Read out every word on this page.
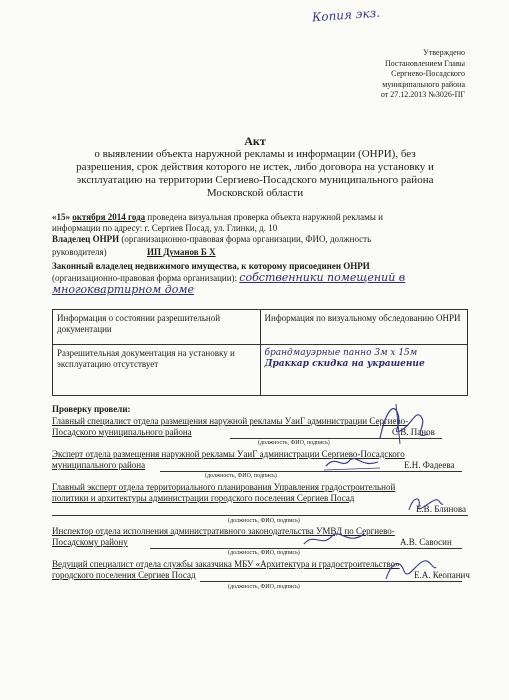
Копия экз.
Утверждено
Постановлением Главы
Сергиево-Посадского
муниципального района
от 27.12.2013 №3026-ПГ
Акт
о выявлении объекта наружной рекламы и информации (ОНРИ), без
разрешения, срок действия которого не истек, либо договора на установку и
эксплуатацию на территории Сергиево-Посадского муниципального района
Московской области
«15» октября 2014 года проведена визуальная проверка объекта наружной рекламы и
информации по адресу: г. Сергиев Посад, ул. Глинки, д. 10
Владелец ОНРИ (организационно-правовая форма организации, ФИО, должность
руководителя)	ИП Думанов Б Х
Законный владелец недвижимого имущества, к которому присоединен ОНРИ
(организационно-правовая форма организации): собственники помещений в
многоквартирном доме
Информация о состоянии разрешительной документации	Информация по визуальному обследованию ОНРИ
Разрешительная документация на установку и эксплуатацию отсутствует	брандмауэрные панно 3м х 15м
Драккар скидка на украшение
Проверку провели:
Главный специалист отдела размещения наружной рекламы УаиГ администрации Сергиево-
Посадского муниципального района	С.В. Панов
(должность, ФИО, подпись)
Эксперт отдела размещения наружной рекламы УаиГ администрации Сергиево-Посадского
муниципального района	Е.Н. Фадеева
(должность, ФИО, подпись)
Главный эксперт отдела территориального планирования Управления градостроительной
политики и архитектуры администрации городского поселения Сергиев Посад
Е.В. Блинова
(должность, ФИО, подпись)
Инспектор отдела исполнения административного законодательства УМВД по Сергиево-
Посадскому району	А.В. Савосин
(должность, ФИО, подпись)
Ведущий специалист отдела службы заказчика МБУ «Архитектура и градостроительство»
городского поселения Сергиев Посад	Е.А. Кеопанич
(должность, ФИО, подпись)
